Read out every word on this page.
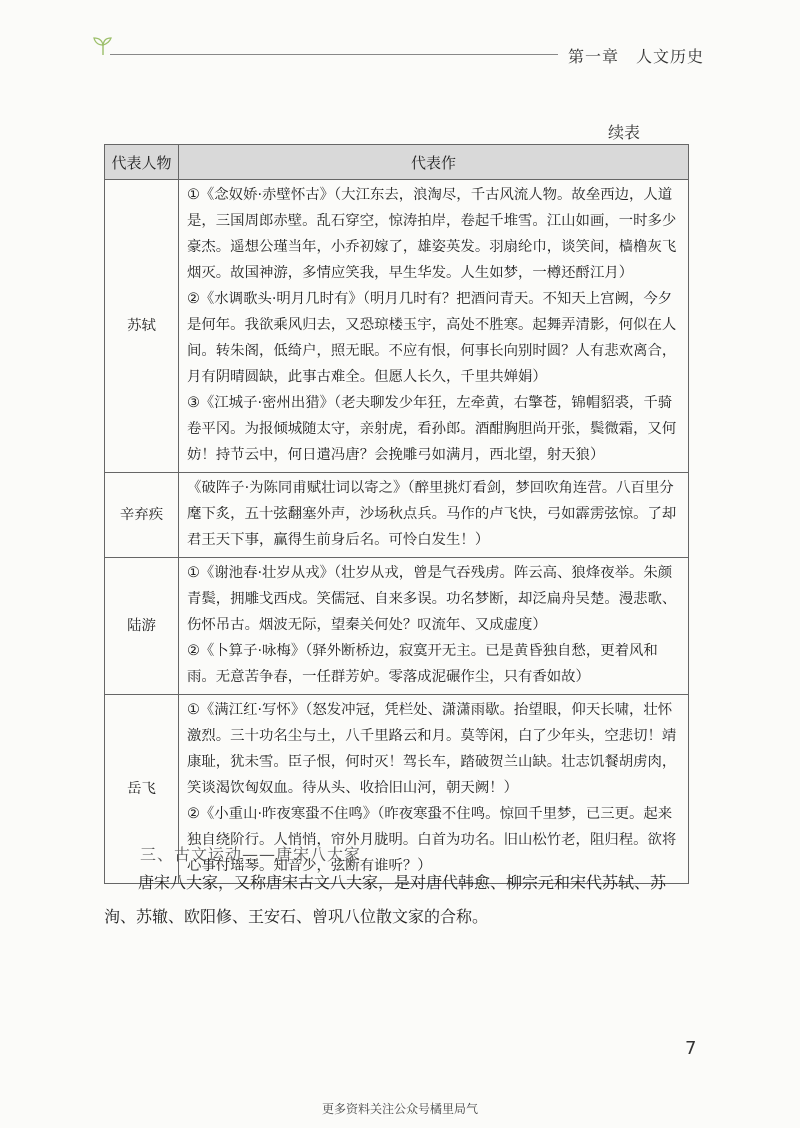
第一章　人文历史
续表
代表人物	代表作
苏轼	①《念奴娇·赤壁怀古》（大江东去，浪淘尽，千古风流人物。故垒西边，人道是，三国周郎赤壁。乱石穿空，惊涛拍岸，卷起千堆雪。江山如画，一时多少豪杰。遥想公瑾当年，小乔初嫁了，雄姿英发。羽扇纶巾，谈笑间，樯橹灰飞烟灭。故国神游，多情应笑我，早生华发。人生如梦，一樽还酹江月）

②《水调歌头·明月几时有》（明月几时有？把酒问青天。不知天上宫阙，今夕是何年。我欲乘风归去，又恐琼楼玉宇，高处不胜寒。起舞弄清影，何似在人间。转朱阁，低绮户，照无眠。不应有恨，何事长向别时圆？人有悲欢离合，月有阴晴圆缺，此事古难全。但愿人长久，千里共婵娟）

③《江城子·密州出猎》（老夫聊发少年狂，左牵黄，右擎苍，锦帽貂裘，千骑卷平冈。为报倾城随太守，亲射虎，看孙郎。酒酣胸胆尚开张，鬓微霜，又何妨！持节云中，何日遣冯唐？会挽雕弓如满月，西北望，射天狼）

辛弃疾	《破阵子·为陈同甫赋壮词以寄之》（醉里挑灯看剑，梦回吹角连营。八百里分麾下炙，五十弦翻塞外声，沙场秋点兵。马作的卢飞快，弓如霹雳弦惊。了却君王天下事，赢得生前身后名。可怜白发生！）

陆游	①《谢池春·壮岁从戎》（壮岁从戎，曾是气吞残虏。阵云高、狼烽夜举。朱颜青鬓，拥雕戈西戍。笑儒冠、自来多误。功名梦断，却泛扁舟吴楚。漫悲歌、伤怀吊古。烟波无际，望秦关何处？叹流年、又成虚度）

②《卜算子·咏梅》（驿外断桥边，寂寞开无主。已是黄昏独自愁，更着风和雨。无意苦争春，一任群芳妒。零落成泥碾作尘，只有香如故）

岳飞	①《满江红·写怀》（怒发冲冠，凭栏处、潇潇雨歇。抬望眼，仰天长啸，壮怀激烈。三十功名尘与土，八千里路云和月。莫等闲，白了少年头，空悲切！靖康耻，犹未雪。臣子恨，何时灭！驾长车，踏破贺兰山缺。壮志饥餐胡虏肉，笑谈渴饮匈奴血。待从头、收拾旧山河，朝天阙！）

②《小重山·昨夜寒蛩不住鸣》（昨夜寒蛩不住鸣。惊回千里梦，已三更。起来独自绕阶行。人悄悄，帘外月胧明。白首为功名。旧山松竹老，阻归程。欲将心事付瑶琴。知音少，弦断有谁听？）

三、古文运动——唐宋八大家
唐宋八大家，又称唐宋古文八大家，是对唐代韩愈、柳宗元和宋代苏轼、苏洵、苏辙、欧阳修、王安石、曾巩八位散文家的合称。
7
更多资料关注公众号橘里局气
